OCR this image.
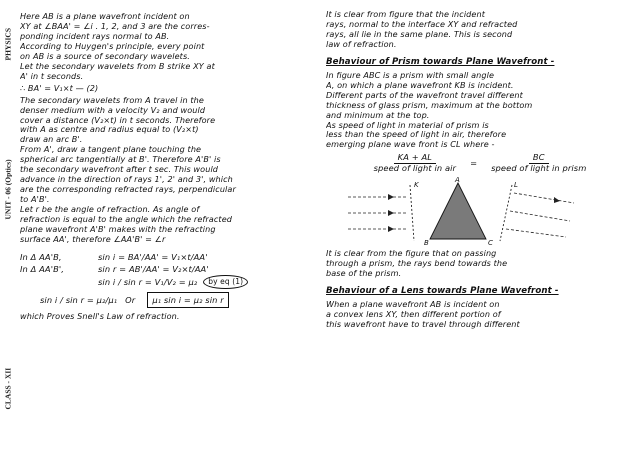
PHYSICS
UNIT - 06 (Optics)
CLASS - XII
Here AB is a plane wavefront incident on
XY at ∠BAA' = ∠i . 1, 2, and 3 are the corres-
ponding incident rays normal to AB.
According to Huygen's principle, every point
on AB is a source of secondary wavelets.
Let the secondary wavelets from B strike XY at
A' in t seconds.
∴ BA' = V₁×t — (2)
The secondary wavelets from A travel in the
denser medium with a velocity V₂ and would
cover a distance (V₂×t) in t seconds. Therefore
with A as centre and radius equal to (V₂×t)
draw an arc B'.
From A', draw a tangent plane touching the
spherical arc tangentially at B'. Therefore A'B' is
the secondary wavefront after t sec. This would
advance in the direction of rays 1', 2' and 3', which
are the corresponding refracted rays, perpendicular
to A'B'.
Let r be the angle of refraction. As angle of
refraction is equal to the angle which the refracted
plane wavefront A'B' makes with the refracting
surface AA', therefore ∠AA'B' = ∠r
In Δ AA'B,	sin i = BA'/AA' = V₁×t/AA'
In Δ AA'B',	sin r = AB'/AA' = V₂×t/AA'
sin i / sin r = V₁/V₂ = μ₂	by eq (1)
sin i / sin r = μ₂/μ₁ Or	μ₁ sin i = μ₂ sin r
which Proves Snell's Law of refraction.
It is clear from figure that the incident
rays, normal to the interface XY and refracted
rays, all lie in the same plane. This is second
law of refraction.
Behaviour of Prism towards Plane Wavefront -
In figure ABC is a prism with small angle
A, on which a plane wavefront KB is incident.
Different parts of the wavefront travel different
thickness of glass prism, maximum at the bottom
and minimum at the top.
As speed of light in material of prism is
less than the speed of light in air, therefore
emerging plane wave front is CL where -
$\frac{KA + AL}{\text{speed of light in air}} = \frac{BC}{\text{speed of light in prism}}$
K
A
L
B	C
It is clear from the figure that on passing
through a prism, the rays bend towards the
base of the prism.
Behaviour of a Lens towards Plane Wavefront -
When a plane wavefront AB is incident on
a convex lens XY, then different portion of
this wavefront have to travel through different
